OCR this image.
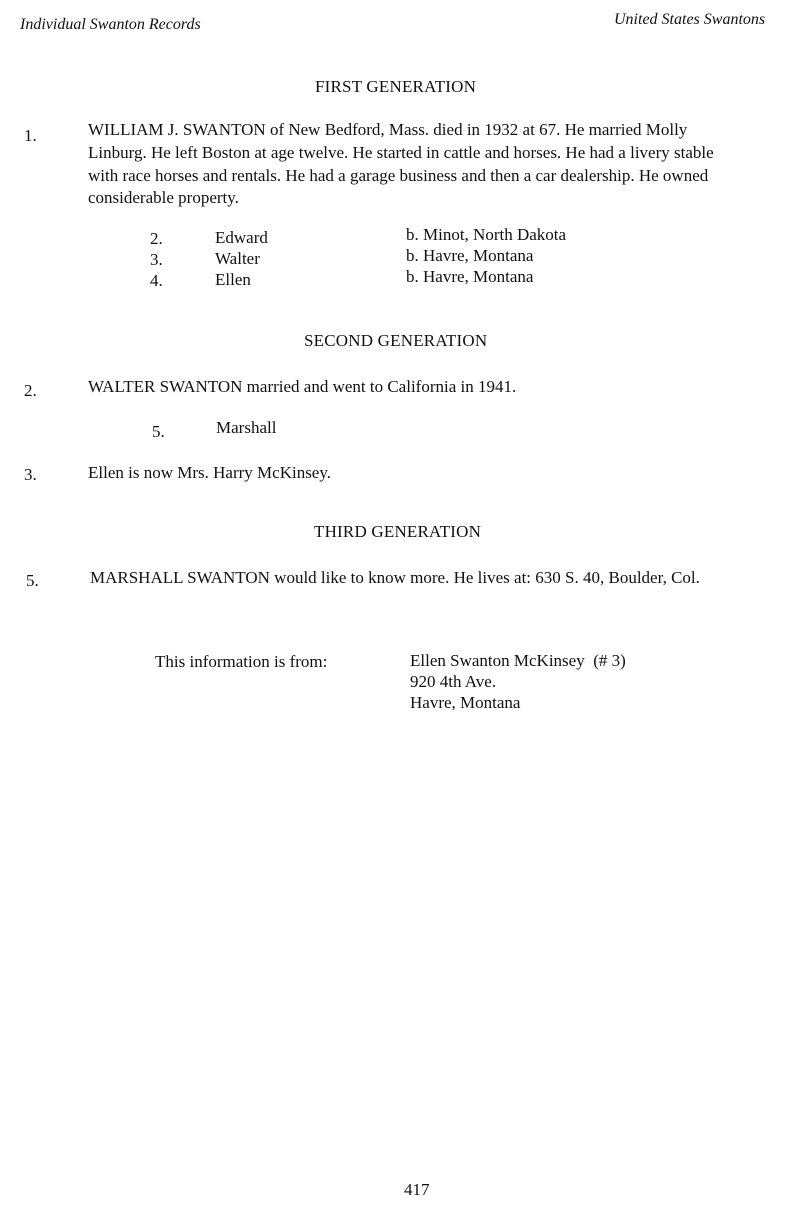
Individual Swanton Records	United States Swantons
FIRST GENERATION
1.	WILLIAM J. SWANTON of New Bedford, Mass. died in 1932 at 67. He married Molly
Linburg. He left Boston at age twelve. He started in cattle and horses. He had a livery stable
with race horses and rentals. He had a garage business and then a car dealership. He owned
considerable property.
2.	Edward	b. Minot, North Dakota
3.	Walter	b. Havre, Montana
4.	Ellen	b. Havre, Montana
SECOND GENERATION
2.	WALTER SWANTON married and went to California in 1941.
5.	Marshall
3.	Ellen is now Mrs. Harry McKinsey.
THIRD GENERATION
5.	MARSHALL SWANTON would like to know more. He lives at: 630 S. 40, Boulder, Col.
This information is from:	Ellen Swanton McKinsey  (# 3)
920 4th Ave.
Havre, Montana
417
